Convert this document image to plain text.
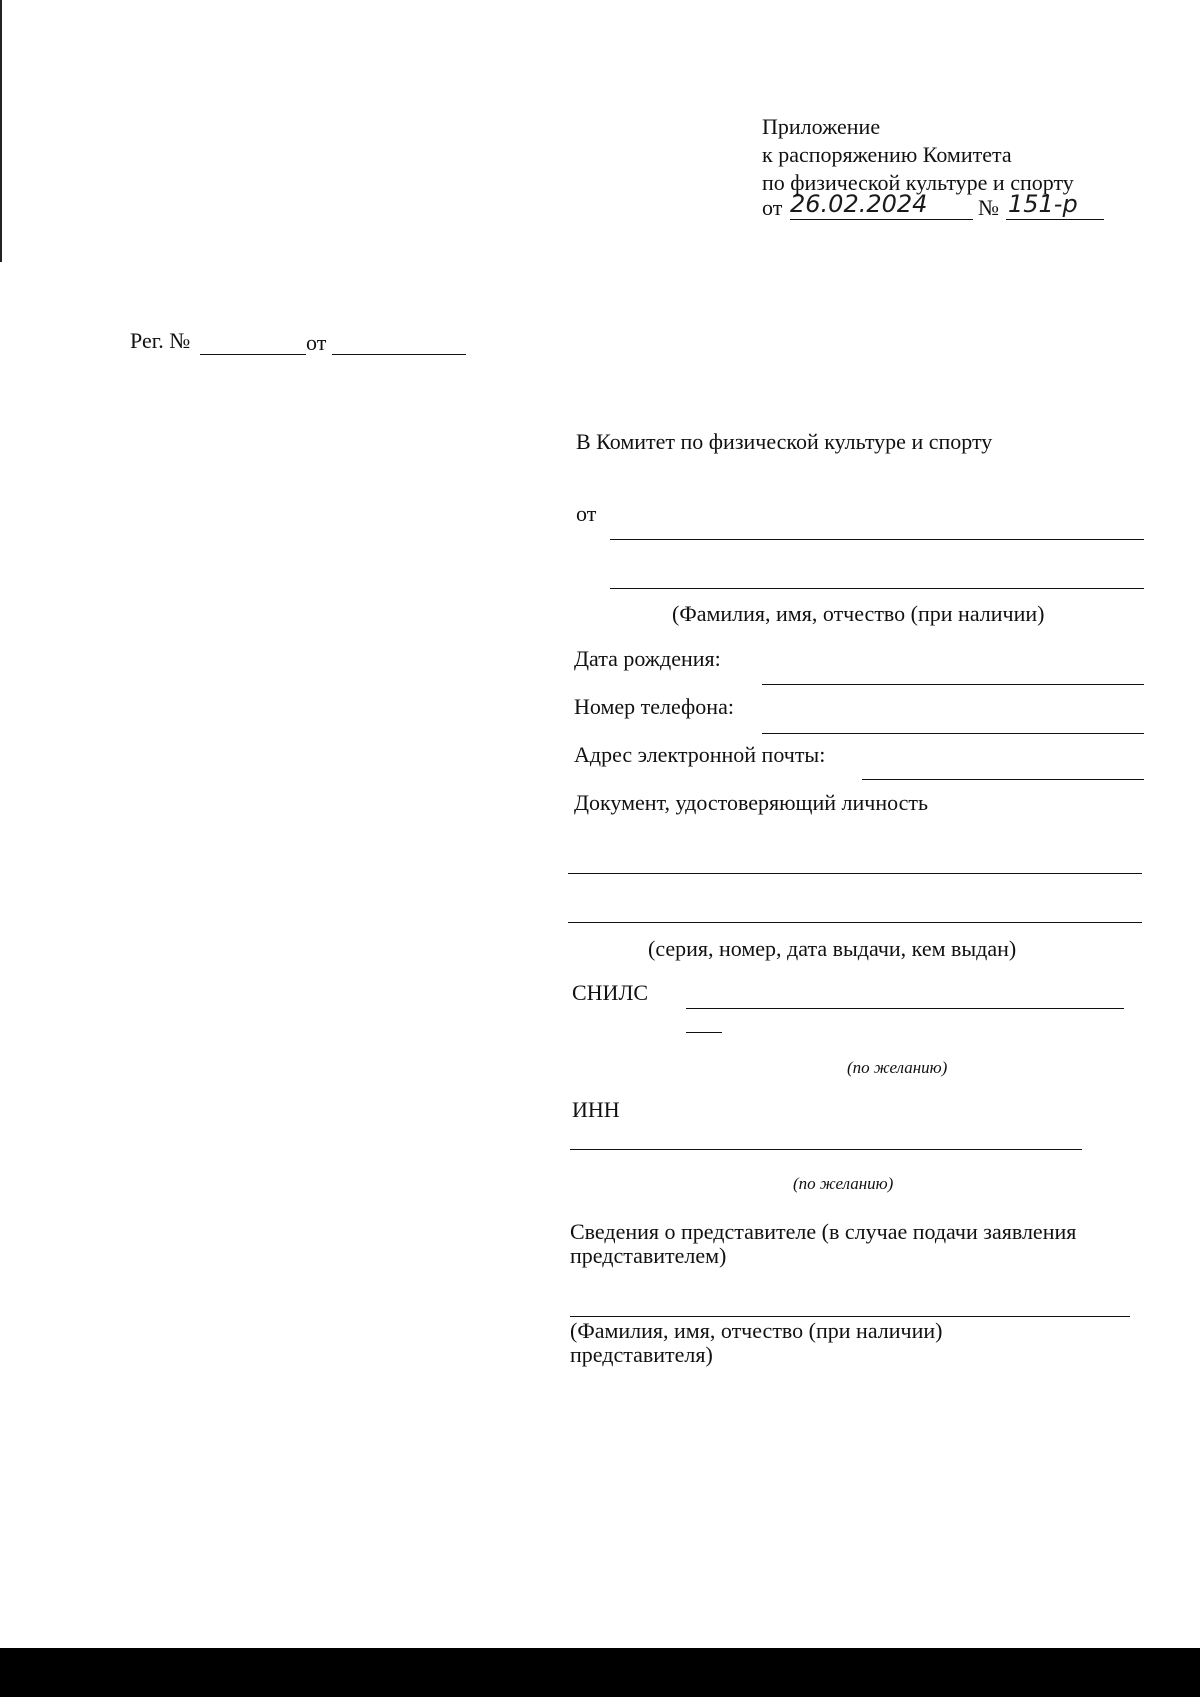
Приложение
к распоряжению Комитета
по физической культуре и спорту
от 26.02.2024 № 151-р
Рег. №	от
В Комитет по физической культуре и спорту
от
(Фамилия, имя, отчество (при наличии)
Дата рождения:
Номер телефона:
Адрес электронной почты:
Документ, удостоверяющий личность
(серия, номер, дата выдачи, кем выдан)
СНИЛС
(по желанию)
ИНН
(по желанию)
Сведения о представителе (в случае подачи заявления
представителем)
(Фамилия, имя, отчество (при наличии)
представителя)
